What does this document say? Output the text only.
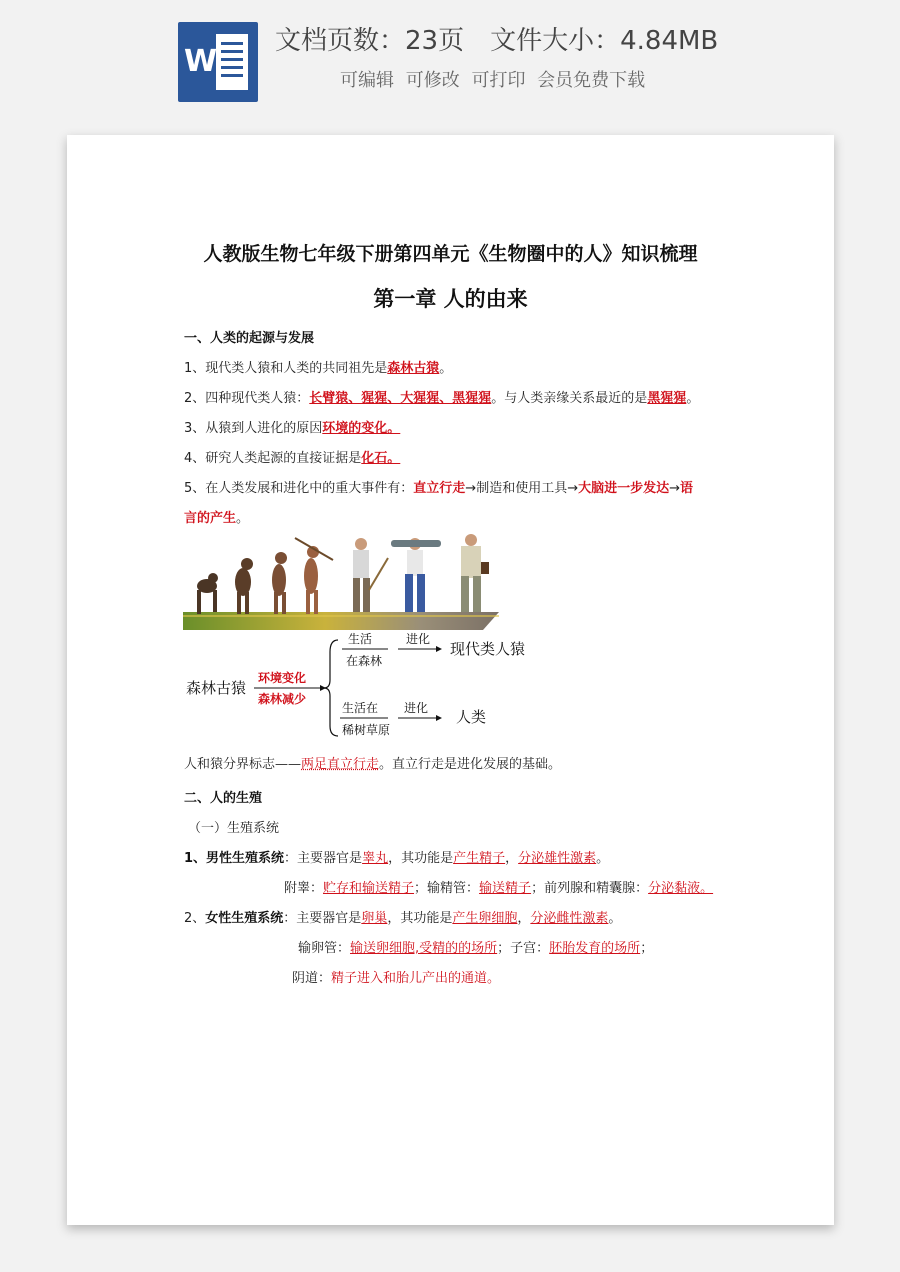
W
文档页数：23页 文件大小：4.84MB
可编辑 可修改 可打印 会员免费下载
人教版生物七年级下册第四单元《生物圈中的人》知识梳理
第一章 人的由来
一、人类的起源与发展
1、现代类人猿和人类的共同祖先是森林古猿。
2、四种现代类人猿：长臂猿、猩猩、大猩猩、黑猩猩。与人类亲缘关系最近的是黑猩猩。
3、从猿到人进化的原因环境的变化。
4、研究人类起源的直接证据是化石。
5、在人类发展和进化中的重大事件有：直立行走→制造和使用工具→大脑进一步发达→语
言的产生。
森林古猿
环境变化
森林减少
生活
在森林
进化
现代类人猿
生活在
稀树草原
进化 人类
人和猿分界标志——两足直立行走。直立行走是进化发展的基础。
二、人的生殖
（一）生殖系统
1、男性生殖系统：主要器官是睾丸，其功能是产生精子，分泌雄性激素。
附睾：贮存和输送精子；输精管：输送精子；前列腺和精囊腺：分泌黏液。
2、女性生殖系统：主要器官是卵巢，其功能是产生卵细胞，分泌雌性激素。
输卵管：输送卵细胞,受精的的场所；子宫：胚胎发育的场所；
阴道：精子进入和胎儿产出的通道。
